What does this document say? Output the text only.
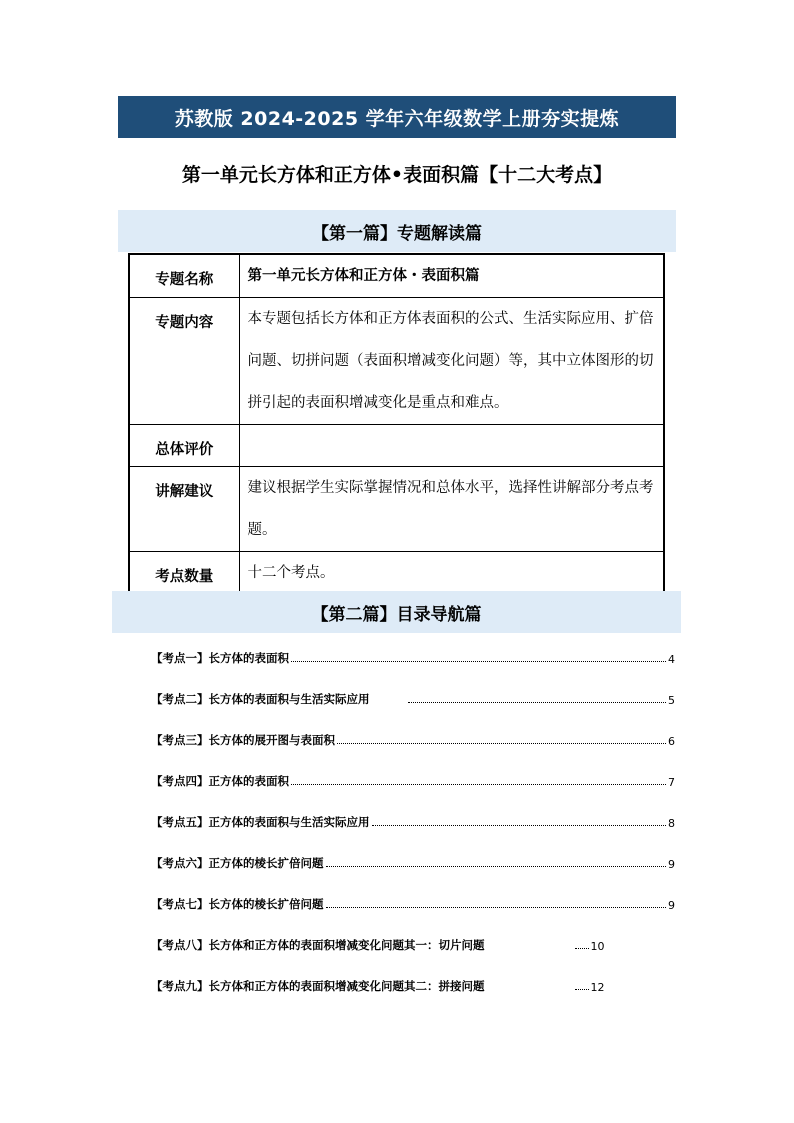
苏教版 2024-2025 学年六年级数学上册夯实提炼
第一单元长方体和正方体•表面积篇【十二大考点】
【第一篇】专题解读篇
专题名称	第一单元长方体和正方体・表面积篇
专题内容	本专题包括长方体和正方体表面积的公式、生活实际应用、扩倍问题、切拼问题（表面积增减变化问题）等，其中立体图形的切拼引起的表面积增减变化是重点和难点。
总体评价	
讲解建议	建议根据学生实际掌握情况和总体水平，选择性讲解部分考点考题。
考点数量	十二个考点。
【第二篇】目录导航篇
【考点一】长方体的表面积	4
【考点二】长方体的表面积与生活实际应用	5
【考点三】长方体的展开图与表面积	6
【考点四】正方体的表面积	7
【考点五】正方体的表面积与生活实际应用	8
【考点六】正方体的棱长扩倍问题	9
【考点七】长方体的棱长扩倍问题	9
【考点八】长方体和正方体的表面积增减变化问题其一：切片问题	10
【考点九】长方体和正方体的表面积增减变化问题其二：拼接问题	12
